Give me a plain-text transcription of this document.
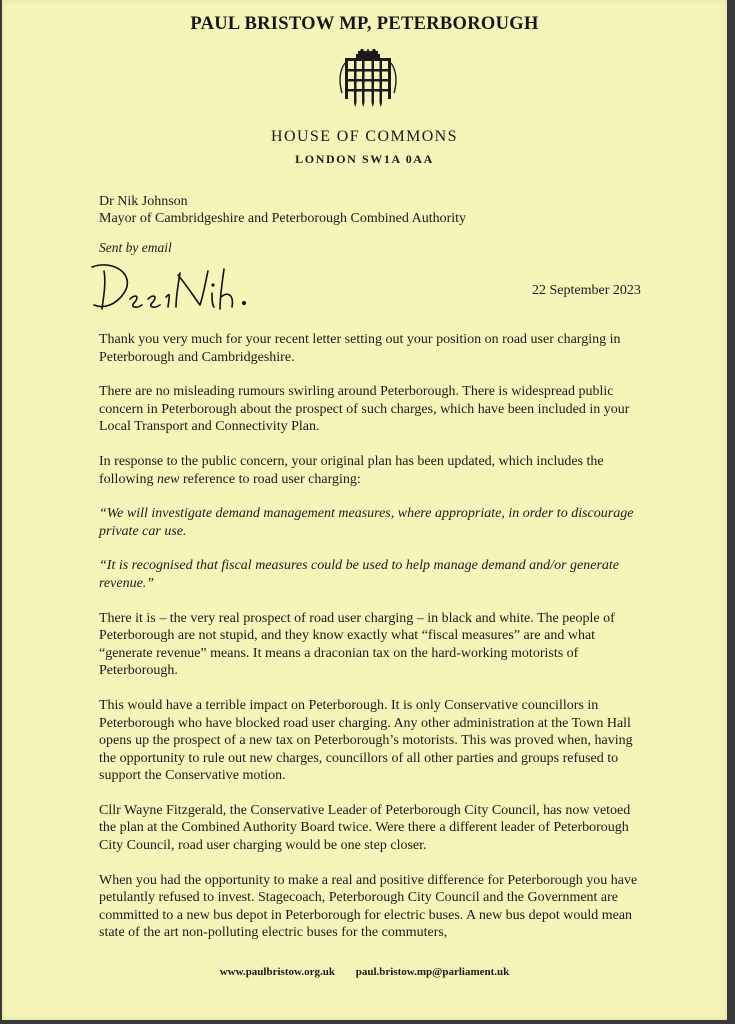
PAUL BRISTOW MP, PETERBOROUGH
HOUSE OF COMMONS
LONDON SW1A 0AA
Dr Nik Johnson
Mayor of Cambridgeshire and Peterborough Combined Authority
Sent by email
22 September 2023

Thank you very much for your recent letter setting out your position on road user charging in Peterborough and Cambridgeshire.

There are no misleading rumours swirling around Peterborough. There is widespread public concern in Peterborough about the prospect of such charges, which have been included in your Local Transport and Connectivity Plan.

In response to the public concern, your original plan has been updated, which includes the following new reference to road user charging:

“We will investigate demand management measures, where appropriate, in order to discourage private car use.

“It is recognised that fiscal measures could be used to help manage demand and/or generate revenue.”

There it is – the very real prospect of road user charging – in black and white. The people of Peterborough are not stupid, and they know exactly what “fiscal measures” are and what “generate revenue” means. It means a draconian tax on the hard-working motorists of Peterborough.

This would have a terrible impact on Peterborough. It is only Conservative councillors in Peterborough who have blocked road user charging. Any other administration at the Town Hall opens up the prospect of a new tax on Peterborough’s motorists. This was proved when, having the opportunity to rule out new charges, councillors of all other parties and groups refused to support the Conservative motion.

Cllr Wayne Fitzgerald, the Conservative Leader of Peterborough City Council, has now vetoed the plan at the Combined Authority Board twice. Were there a different leader of Peterborough City Council, road user charging would be one step closer.

When you had the opportunity to make a real and positive difference for Peterborough you have petulantly refused to invest. Stagecoach, Peterborough City Council and the Government are committed to a new bus depot in Peterborough for electric buses. A new bus depot would mean state of the art non-polluting electric buses for the commuters,

www.paulbristow.org.uk paul.bristow.mp@parliament.uk
